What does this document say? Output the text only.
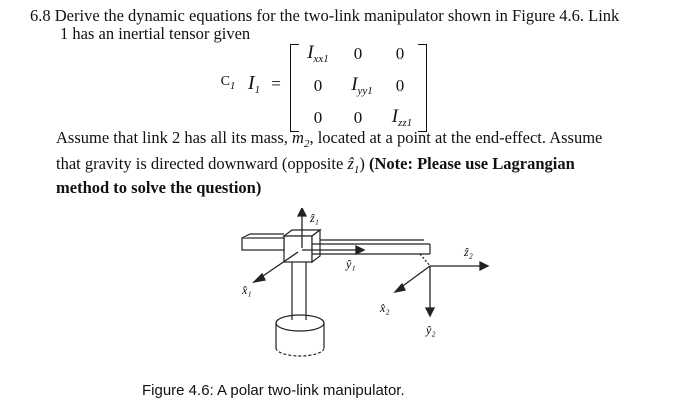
6.8 Derive the dynamic equations for the two-link manipulator shown in Figure 4.6. Link
1 has an inertial tensor given
$C_1$ $I_1$ =
$I_{xx1}$	0	0
0	$I_{yy1}$	0
0	0	$I_{zz1}$
Assume that link 2 has all its mass, $m_2$, located at a point at the end-effect. Assume
that gravity is directed downward (opposite ẑ$_1$) (Note: Please use Lagrangian
method to solve the question)
ẑ₁
x̂₁
ŷ₁
ẑ₂
x̂₂
ŷ₂
Figure 4.6: A polar two-link manipulator.
